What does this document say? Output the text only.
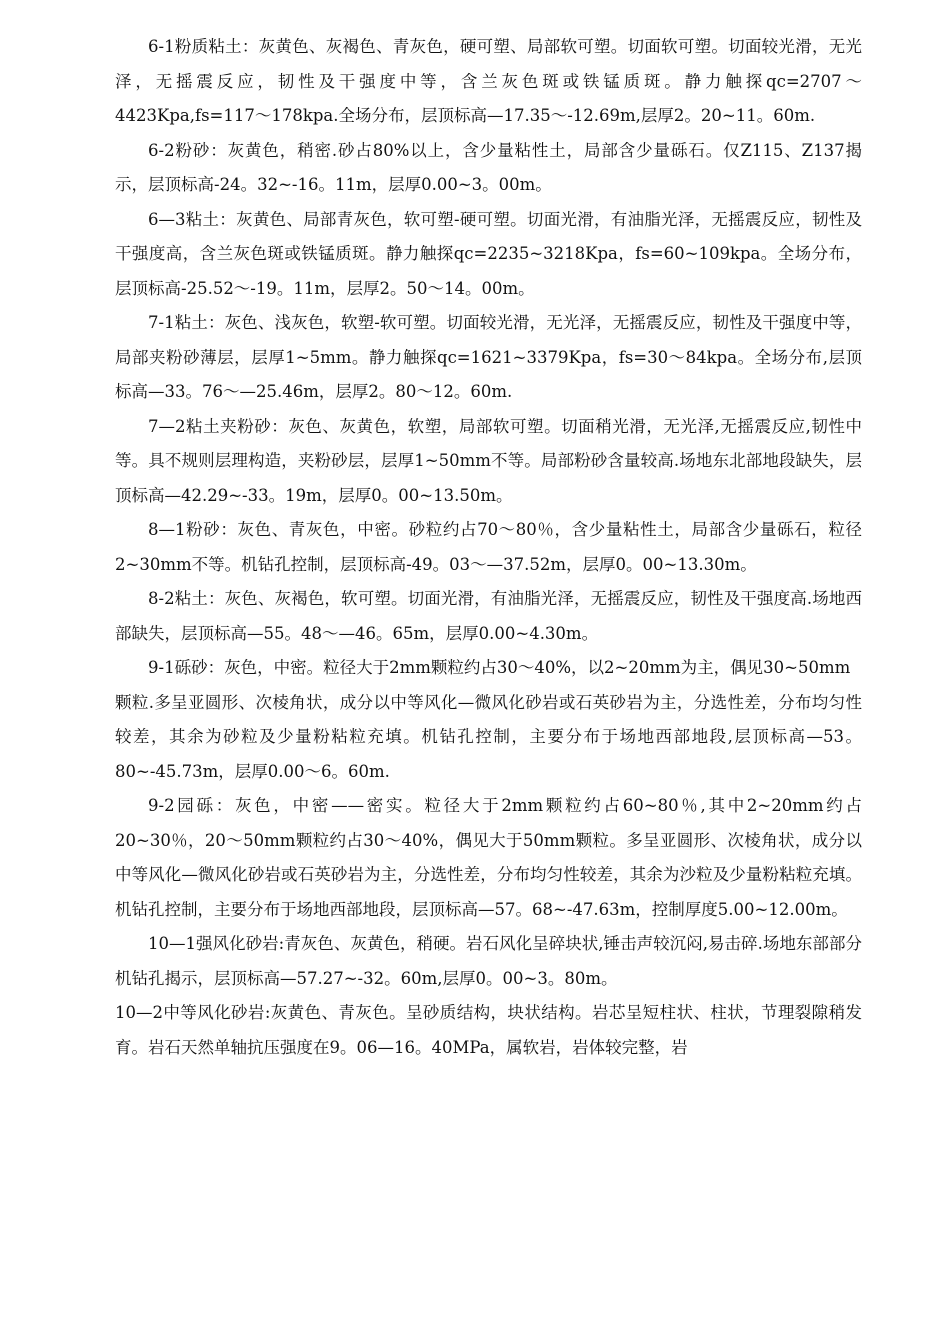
6-1粉质粘土：灰黄色、灰褐色、青灰色，硬可塑、局部软可塑。切面软可塑。切面较光滑，无光泽，无摇震反应，韧性及干强度中等，含兰灰色斑或铁锰质斑。静力触探qc=2707～4423Kpa,fs=117～178kpa.全场分布，层顶标高—17.35～-12.69m,层厚2。20~11。60m.

6-2粉砂：灰黄色，稍密.砂占80%以上，含少量粘性土，局部含少量砾石。仅Z115、Z137揭示，层顶标高-24。32~-16。11m，层厚0.00~3。00m。

6—3粘土：灰黄色、局部青灰色，软可塑-硬可塑。切面光滑，有油脂光泽，无摇震反应，韧性及干强度高，含兰灰色斑或铁锰质斑。静力触探qc=2235~3218Kpa，fs=60~109kpa。全场分布，层顶标高-25.52～-19。11m，层厚2。50～14。00m。

7-1粘土：灰色、浅灰色，软塑-软可塑。切面较光滑，无光泽，无摇震反应，韧性及干强度中等，局部夹粉砂薄层，层厚1~5mm。静力触探qc=1621~3379Kpa，fs=30～84kpa。全场分布,层顶标高—33。76～—25.46m，层厚2。80～12。60m.

7—2粘土夹粉砂：灰色、灰黄色，软塑，局部软可塑。切面稍光滑，无光泽,无摇震反应,韧性中等。具不规则层理构造，夹粉砂层，层厚1~50mm不等。局部粉砂含量较高.场地东北部地段缺失，层顶标高—42.29~-33。19m，层厚0。00~13.50m。

8—1粉砂：灰色、青灰色，中密。砂粒约占70～80％，含少量粘性土，局部含少量砾石，粒径2~30mm不等。机钻孔控制，层顶标高-49。03～—37.52m，层厚0。00~13.30m。

8-2粘土：灰色、灰褐色，软可塑。切面光滑，有油脂光泽，无摇震反应，韧性及干强度高.场地西部缺失，层顶标高—55。48～—46。65m，层厚0.00~4.30m。

9-1砾砂：灰色，中密。粒径大于2mm颗粒约占30～40%，以2~20mm为主，偶见30~50mm

颗粒.多呈亚圆形、次棱角状，成分以中等风化—微风化砂岩或石英砂岩为主，分选性差，分布均匀性较差，其余为砂粒及少量粉粘粒充填。机钻孔控制，主要分布于场地西部地段,层顶标高—53。80~-45.73m，层厚0.00～6。60m.

9-2园砾：灰色，中密——密实。粒径大于2mm颗粒约占60~80％,其中2~20mm约占20~30％，20～50mm颗粒约占30～40%，偶见大于50mm颗粒。多呈亚圆形、次棱角状，成分以中等风化—微风化砂岩或石英砂岩为主，分选性差，分布均匀性较差，其余为沙粒及少量粉粘粒充填。机钻孔控制，主要分布于场地西部地段，层顶标高—57。68~-47.63m，控制厚度5.00~12.00m。

10—1强风化砂岩:青灰色、灰黄色，稍硬。岩石风化呈碎块状,锤击声较沉闷,易击碎.场地东部部分机钻孔揭示，层顶标高—57.27~-32。60m,层厚0。00~3。80m。

10—2中等风化砂岩:灰黄色、青灰色。呈砂质结构，块状结构。岩芯呈短柱状、柱状，节理裂隙稍发育。岩石天然单轴抗压强度在9。06—16。40MPa，属软岩，岩体较完整，岩
